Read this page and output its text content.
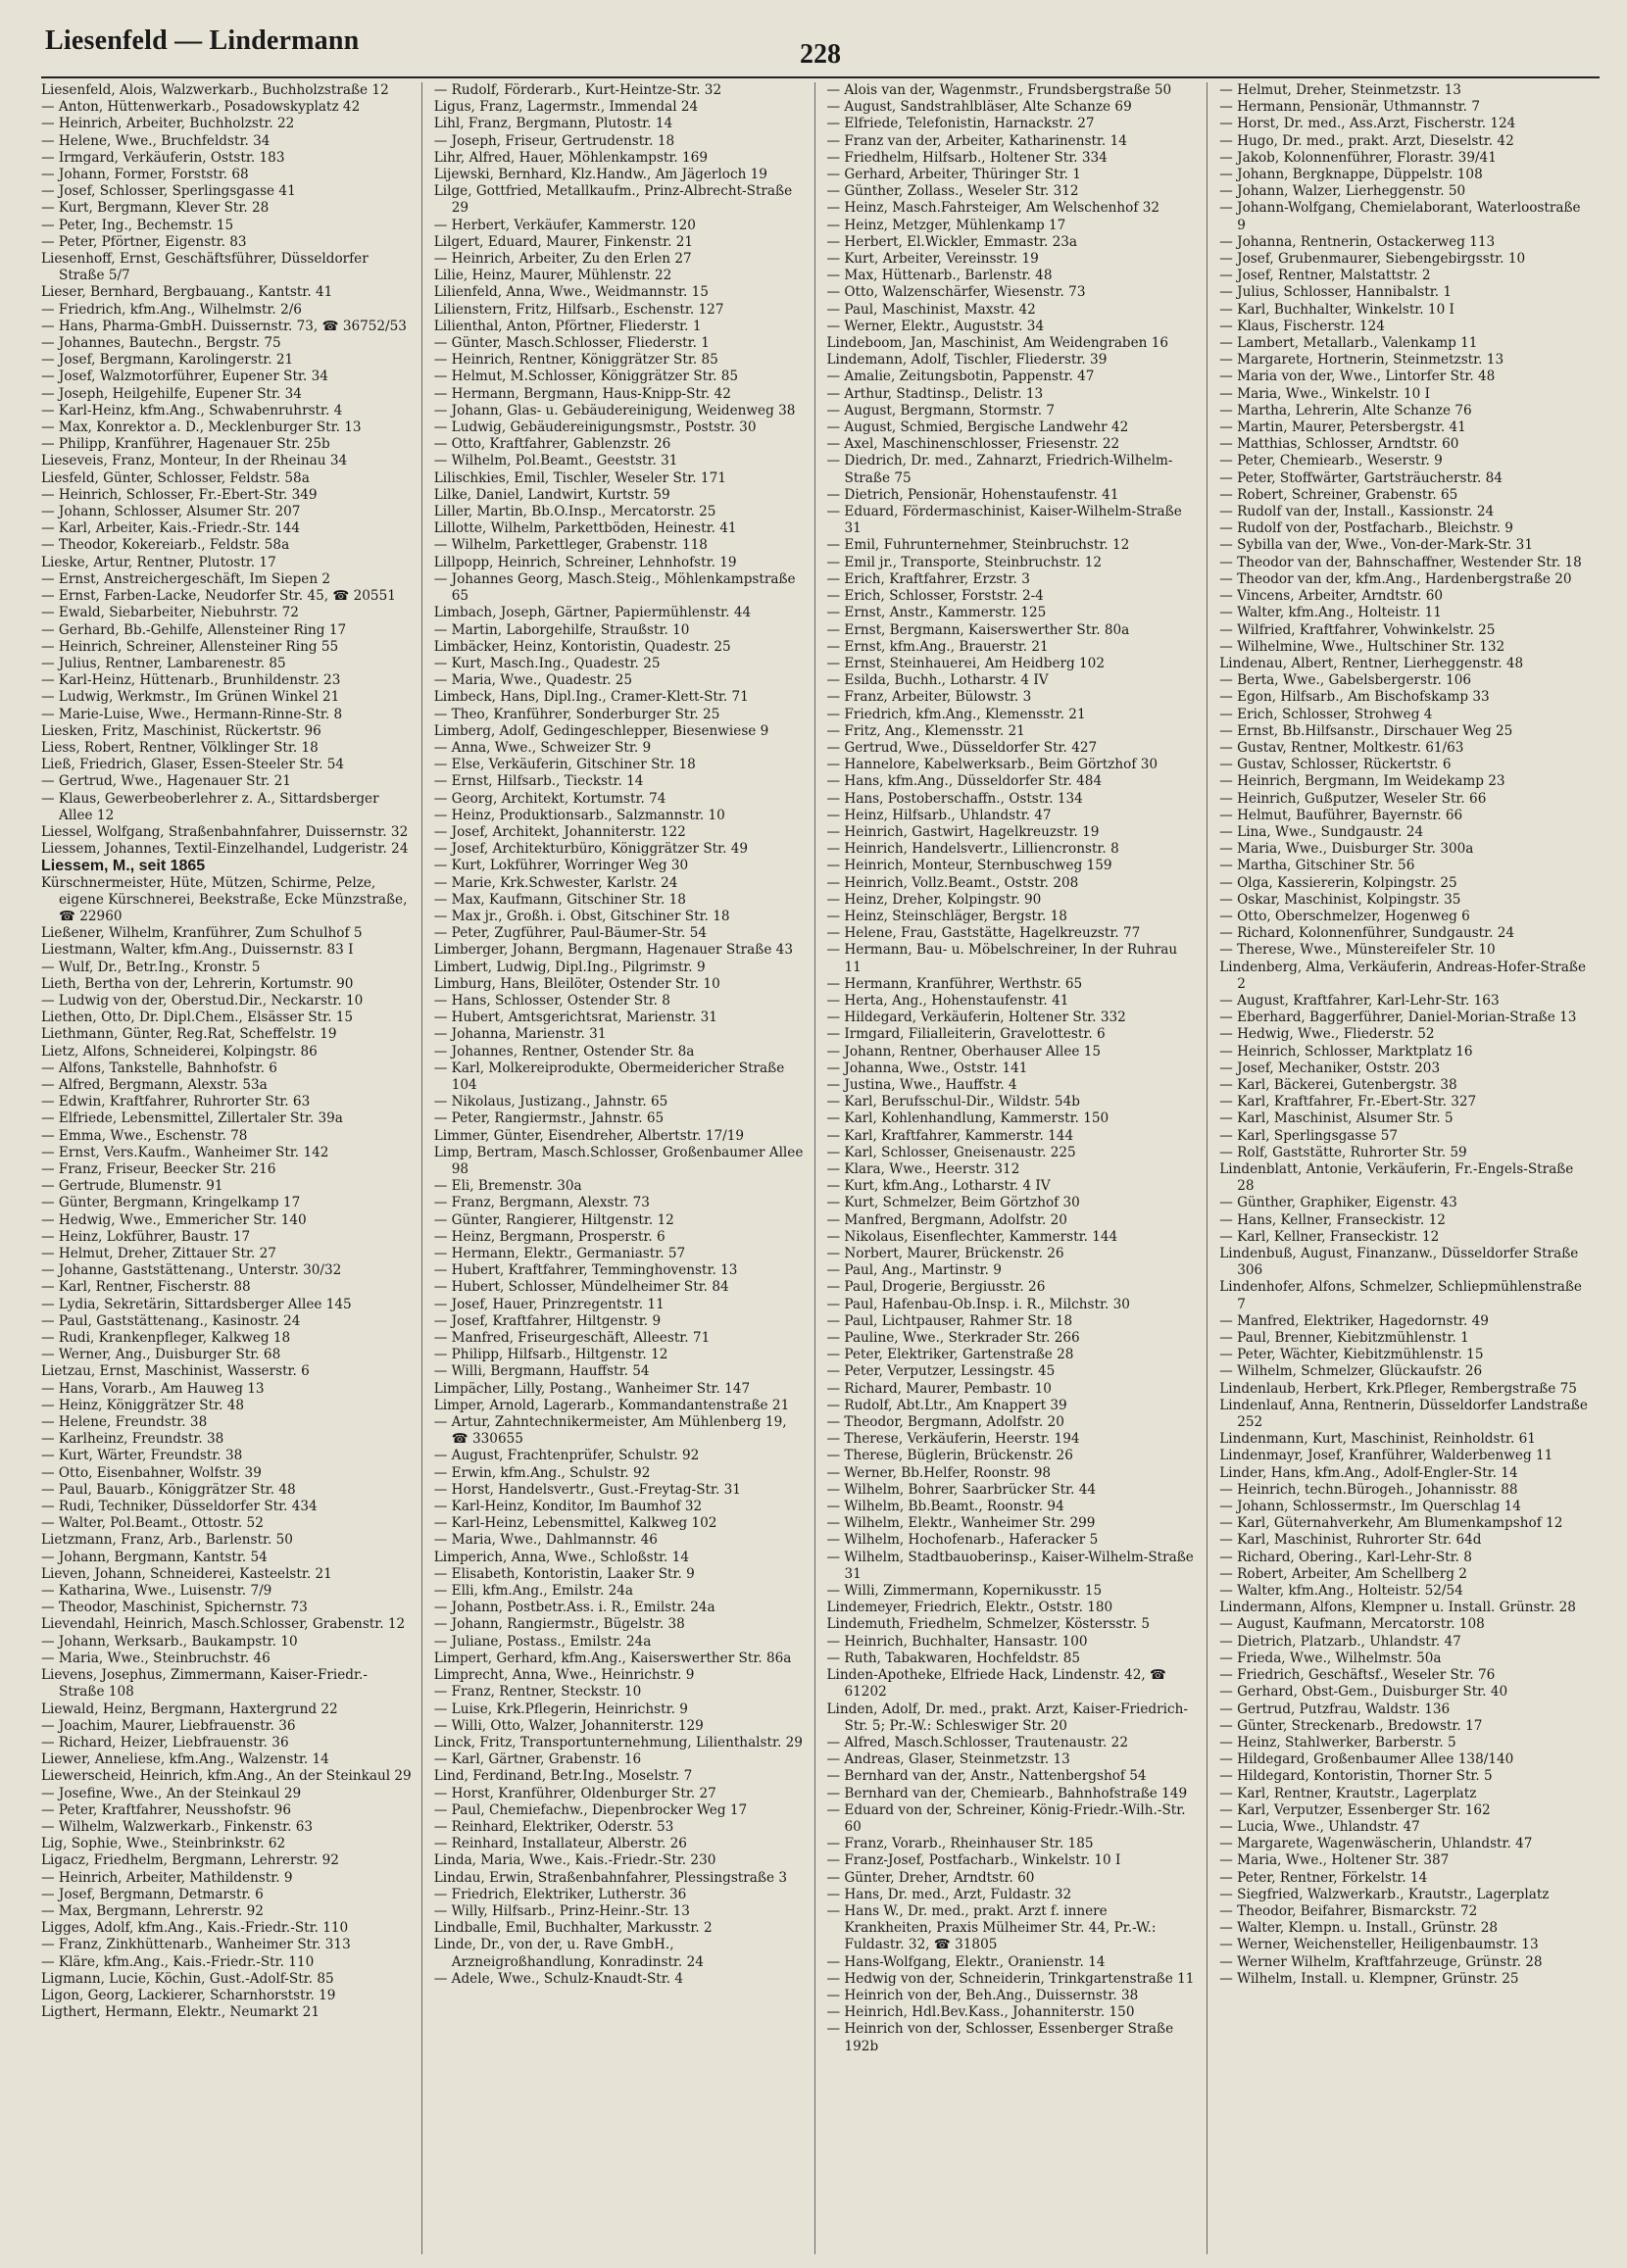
Liesenfeld — Lindermann	228
Liesenfeld, Alois, Walzwerkarb., Buchholzstraße 12
— Anton, Hüttenwerkarb., Posadowskyplatz 42
— Heinrich, Arbeiter, Buchholzstr. 22
— Helene, Wwe., Bruchfeldstr. 34
— Irmgard, Verkäuferin, Oststr. 183
— Johann, Former, Forststr. 68
— Josef, Schlosser, Sperlingsgasse 41
— Kurt, Bergmann, Klever Str. 28
— Peter, Ing., Bechemstr. 15
— Peter, Pförtner, Eigenstr. 83
Liesenhoff, Ernst, Geschäftsführer, Düsseldorfer Straße 5/7
Lieser, Bernhard, Bergbauang., Kantstr. 41
— Friedrich, kfm.Ang., Wilhelmstr. 2/6
— Hans, Pharma-GmbH. Duissernstr. 73, ☎ 36752/53
— Johannes, Bautechn., Bergstr. 75
— Josef, Bergmann, Karolingerstr. 21
— Josef, Walzmotorführer, Eupener Str. 34
— Joseph, Heilgehilfe, Eupener Str. 34
— Karl-Heinz, kfm.Ang., Schwabenruhrstr. 4
— Max, Konrektor a. D., Mecklenburger Str. 13
— Philipp, Kranführer, Hagenauer Str. 25b
Lieseveis, Franz, Monteur, In der Rheinau 34
Liesfeld, Günter, Schlosser, Feldstr. 58a
— Heinrich, Schlosser, Fr.-Ebert-Str. 349
— Johann, Schlosser, Alsumer Str. 207
— Karl, Arbeiter, Kais.-Friedr.-Str. 144
— Theodor, Kokereiarb., Feldstr. 58a
Lieske, Artur, Rentner, Plutostr. 17
— Ernst, Anstreichergeschäft, Im Siepen 2
— Ernst, Farben-Lacke, Neudorfer Str. 45, ☎ 20551
— Ewald, Siebarbeiter, Niebuhrstr. 72
— Gerhard, Bb.-Gehilfe, Allensteiner Ring 17
— Heinrich, Schreiner, Allensteiner Ring 55
— Julius, Rentner, Lambarenestr. 85
— Karl-Heinz, Hüttenarb., Brunhildenstr. 23
— Ludwig, Werkmstr., Im Grünen Winkel 21
— Marie-Luise, Wwe., Hermann-Rinne-Str. 8
Liesken, Fritz, Maschinist, Rückertstr. 96
Liess, Robert, Rentner, Völklinger Str. 18
Ließ, Friedrich, Glaser, Essen-Steeler Str. 54
— Gertrud, Wwe., Hagenauer Str. 21
— Klaus, Gewerbeoberlehrer z. A., Sittardsberger Allee 12
Liessel, Wolfgang, Straßenbahnfahrer, Duissernstr. 32
Liessem, Johannes, Textil-Einzelhandel, Ludgeristr. 24
Liessem, M., seit 1865
Kürschnermeister, Hüte, Mützen, Schirme, Pelze, eigene Kürschnerei, Beekstraße, Ecke Münzstraße, ☎ 22960
Ließener, Wilhelm, Kranführer, Zum Schulhof 5
Liestmann, Walter, kfm.Ang., Duissernstr. 83 I
— Wulf, Dr., Betr.Ing., Kronstr. 5
Lieth, Bertha von der, Lehrerin, Kortumstr. 90
— Ludwig von der, Oberstud.Dir., Neckarstr. 10
Liethen, Otto, Dr. Dipl.Chem., Elsässer Str. 15
Liethmann, Günter, Reg.Rat, Scheffelstr. 19
Lietz, Alfons, Schneiderei, Kolpingstr. 86
— Alfons, Tankstelle, Bahnhofstr. 6
— Alfred, Bergmann, Alexstr. 53a
— Edwin, Kraftfahrer, Ruhrorter Str. 63
— Elfriede, Lebensmittel, Zillertaler Str. 39a
— Emma, Wwe., Eschenstr. 78
— Ernst, Vers.Kaufm., Wanheimer Str. 142
— Franz, Friseur, Beecker Str. 216
— Gertrude, Blumenstr. 91
— Günter, Bergmann, Kringelkamp 17
— Hedwig, Wwe., Emmericher Str. 140
— Heinz, Lokführer, Baustr. 17
— Helmut, Dreher, Zittauer Str. 27
— Johanne, Gaststättenang., Unterstr. 30/32
— Karl, Rentner, Fischerstr. 88
— Lydia, Sekretärin, Sittardsberger Allee 145
— Paul, Gaststättenang., Kasinostr. 24
— Rudi, Krankenpfleger, Kalkweg 18
— Werner, Ang., Duisburger Str. 68
Lietzau, Ernst, Maschinist, Wasserstr. 6
— Hans, Vorarb., Am Hauweg 13
— Heinz, Königgrätzer Str. 48
— Helene, Freundstr. 38
— Karlheinz, Freundstr. 38
— Kurt, Wärter, Freundstr. 38
— Otto, Eisenbahner, Wolfstr. 39
— Paul, Bauarb., Königgrätzer Str. 48
— Rudi, Techniker, Düsseldorfer Str. 434
— Walter, Pol.Beamt., Ottostr. 52
Lietzmann, Franz, Arb., Barlenstr. 50
— Johann, Bergmann, Kantstr. 54
Lieven, Johann, Schneiderei, Kasteelstr. 21
— Katharina, Wwe., Luisenstr. 7/9
— Theodor, Maschinist, Spichernstr. 73
Lievendahl, Heinrich, Masch.Schlosser, Grabenstr. 12
— Johann, Werksarb., Baukampstr. 10
— Maria, Wwe., Steinbruchstr. 46
Lievens, Josephus, Zimmermann, Kaiser-Friedr.-Straße 108
Liewald, Heinz, Bergmann, Haxtergrund 22
— Joachim, Maurer, Liebfrauenstr. 36
— Richard, Heizer, Liebfrauenstr. 36
Liewer, Anneliese, kfm.Ang., Walzenstr. 14
Liewerscheid, Heinrich, kfm.Ang., An der Steinkaul 29
— Josefine, Wwe., An der Steinkaul 29
— Peter, Kraftfahrer, Neusshofstr. 96
— Wilhelm, Walzwerkarb., Finkenstr. 63
Lig, Sophie, Wwe., Steinbrinkstr. 62
Ligacz, Friedhelm, Bergmann, Lehrerstr. 92
— Heinrich, Arbeiter, Mathildenstr. 9
— Josef, Bergmann, Detmarstr. 6
— Max, Bergmann, Lehrerstr. 92
Ligges, Adolf, kfm.Ang., Kais.-Friedr.-Str. 110
— Franz, Zinkhüttenarb., Wanheimer Str. 313
— Kläre, kfm.Ang., Kais.-Friedr.-Str. 110
Ligmann, Lucie, Köchin, Gust.-Adolf-Str. 85
Ligon, Georg, Lackierer, Scharnhorststr. 19
Ligthert, Hermann, Elektr., Neumarkt 21
— Rudolf, Förderarb., Kurt-Heintze-Str. 32
Ligus, Franz, Lagermstr., Immendal 24
Lihl, Franz, Bergmann, Plutostr. 14
— Joseph, Friseur, Gertrudenstr. 18
Lihr, Alfred, Hauer, Möhlenkampstr. 169
Lijewski, Bernhard, Klz.Handw., Am Jägerloch 19
Lilge, Gottfried, Metallkaufm., Prinz-Albrecht-Straße 29
— Herbert, Verkäufer, Kammerstr. 120
Lilgert, Eduard, Maurer, Finkenstr. 21
— Heinrich, Arbeiter, Zu den Erlen 27
Lilie, Heinz, Maurer, Mühlenstr. 22
Lilienfeld, Anna, Wwe., Weidmannstr. 15
Lilienstern, Fritz, Hilfsarb., Eschenstr. 127
Lilienthal, Anton, Pförtner, Fliederstr. 1
— Günter, Masch.Schlosser, Fliederstr. 1
— Heinrich, Rentner, Königgrätzer Str. 85
— Helmut, M.Schlosser, Königgrätzer Str. 85
— Hermann, Bergmann, Haus-Knipp-Str. 42
— Johann, Glas- u. Gebäudereinigung, Weidenweg 38
— Ludwig, Gebäudereinigungsmstr., Poststr. 30
— Otto, Kraftfahrer, Gablenzstr. 26
— Wilhelm, Pol.Beamt., Geeststr. 31
Lilischkies, Emil, Tischler, Weseler Str. 171
Lilke, Daniel, Landwirt, Kurtstr. 59
Liller, Martin, Bb.O.Insp., Mercatorstr. 25
Lillotte, Wilhelm, Parkettböden, Heinestr. 41
— Wilhelm, Parkettleger, Grabenstr. 118
Lillpopp, Heinrich, Schreiner, Lehnhofstr. 19
— Johannes Georg, Masch.Steig., Möhlenkampstraße 65
Limbach, Joseph, Gärtner, Papiermühlenstr. 44
— Martin, Laborgehilfe, Straußstr. 10
Limbäcker, Heinz, Kontoristin, Quadestr. 25
— Kurt, Masch.Ing., Quadestr. 25
— Maria, Wwe., Quadestr. 25
Limbeck, Hans, Dipl.Ing., Cramer-Klett-Str. 71
— Theo, Kranführer, Sonderburger Str. 25
Limberg, Adolf, Gedingeschlepper, Biesenwiese 9
— Anna, Wwe., Schweizer Str. 9
— Else, Verkäuferin, Gitschiner Str. 18
— Ernst, Hilfsarb., Tieckstr. 14
— Georg, Architekt, Kortumstr. 74
— Heinz, Produktionsarb., Salzmannstr. 10
— Josef, Architekt, Johanniterstr. 122
— Josef, Architekturbüro, Königgrätzer Str. 49
— Kurt, Lokführer, Worringer Weg 30
— Marie, Krk.Schwester, Karlstr. 24
— Max, Kaufmann, Gitschiner Str. 18
— Max jr., Großh. i. Obst, Gitschiner Str. 18
— Peter, Zugführer, Paul-Bäumer-Str. 54
Limberger, Johann, Bergmann, Hagenauer Straße 43
Limbert, Ludwig, Dipl.Ing., Pilgrimstr. 9
Limburg, Hans, Bleilöter, Ostender Str. 10
— Hans, Schlosser, Ostender Str. 8
— Hubert, Amtsgerichtsrat, Marienstr. 31
— Johanna, Marienstr. 31
— Johannes, Rentner, Ostender Str. 8a
— Karl, Molkereiprodukte, Obermeidericher Straße 104
— Nikolaus, Justizang., Jahnstr. 65
— Peter, Rangiermstr., Jahnstr. 65
Limmer, Günter, Eisendreher, Albertstr. 17/19
Limp, Bertram, Masch.Schlosser, Großenbaumer Allee 98
— Eli, Bremenstr. 30a
— Franz, Bergmann, Alexstr. 73
— Günter, Rangierer, Hiltgenstr. 12
— Heinz, Bergmann, Prosperstr. 6
— Hermann, Elektr., Germaniastr. 57
— Hubert, Kraftfahrer, Temminghovenstr. 13
— Hubert, Schlosser, Mündelheimer Str. 84
— Josef, Hauer, Prinzregentstr. 11
— Josef, Kraftfahrer, Hiltgenstr. 9
— Manfred, Friseurgeschäft, Alleestr. 71
— Philipp, Hilfsarb., Hiltgenstr. 12
— Willi, Bergmann, Hauffstr. 54
Limpächer, Lilly, Postang., Wanheimer Str. 147
Limper, Arnold, Lagerarb., Kommandantenstraße 21
— Artur, Zahntechnikermeister, Am Mühlenberg 19, ☎ 330655
— August, Frachtenprüfer, Schulstr. 92
— Erwin, kfm.Ang., Schulstr. 92
— Horst, Handelsvertr., Gust.-Freytag-Str. 31
— Karl-Heinz, Konditor, Im Baumhof 32
— Karl-Heinz, Lebensmittel, Kalkweg 102
— Maria, Wwe., Dahlmannstr. 46
Limperich, Anna, Wwe., Schloßstr. 14
— Elisabeth, Kontoristin, Laaker Str. 9
— Elli, kfm.Ang., Emilstr. 24a
— Johann, Postbetr.Ass. i. R., Emilstr. 24a
— Johann, Rangiermstr., Bügelstr. 38
— Juliane, Postass., Emilstr. 24a
Limpert, Gerhard, kfm.Ang., Kaiserswerther Str. 86a
Limprecht, Anna, Wwe., Heinrichstr. 9
— Franz, Rentner, Steckstr. 10
— Luise, Krk.Pflegerin, Heinrichstr. 9
— Willi, Otto, Walzer, Johanniterstr. 129
Linck, Fritz, Transportunternehmung, Lilienthalstr. 29
— Karl, Gärtner, Grabenstr. 16
Lind, Ferdinand, Betr.Ing., Moselstr. 7
— Horst, Kranführer, Oldenburger Str. 27
— Paul, Chemiefachw., Diepenbrocker Weg 17
— Reinhard, Elektriker, Oderstr. 53
— Reinhard, Installateur, Alberstr. 26
Linda, Maria, Wwe., Kais.-Friedr.-Str. 230
Lindau, Erwin, Straßenbahnfahrer, Plessingstraße 3
— Friedrich, Elektriker, Lutherstr. 36
— Willy, Hilfsarb., Prinz-Heinr.-Str. 13
Lindballe, Emil, Buchhalter, Markusstr. 2
Linde, Dr., von der, u. Rave GmbH., Arzneigroßhandlung, Konradinstr. 24
— Adele, Wwe., Schulz-Knaudt-Str. 4
— Alois van der, Wagenmstr., Frundsbergstraße 50
— August, Sandstrahlbläser, Alte Schanze 69
— Elfriede, Telefonistin, Harnackstr. 27
— Franz van der, Arbeiter, Katharinenstr. 14
— Friedhelm, Hilfsarb., Holtener Str. 334
— Gerhard, Arbeiter, Thüringer Str. 1
— Günther, Zollass., Weseler Str. 312
— Heinz, Masch.Fahrsteiger, Am Welschenhof 32
— Heinz, Metzger, Mühlenkamp 17
— Herbert, El.Wickler, Emmastr. 23a
— Kurt, Arbeiter, Vereinsstr. 19
— Max, Hüttenarb., Barlenstr. 48
— Otto, Walzenschärfer, Wiesenstr. 73
— Paul, Maschinist, Maxstr. 42
— Werner, Elektr., Auguststr. 34
Lindeboom, Jan, Maschinist, Am Weidengraben 16
Lindemann, Adolf, Tischler, Fliederstr. 39
— Amalie, Zeitungsbotin, Pappenstr. 47
— Arthur, Stadtinsp., Delistr. 13
— August, Bergmann, Stormstr. 7
— August, Schmied, Bergische Landwehr 42
— Axel, Maschinenschlosser, Friesenstr. 22
— Diedrich, Dr. med., Zahnarzt, Friedrich-Wilhelm-Straße 75
— Dietrich, Pensionär, Hohenstaufenstr. 41
— Eduard, Fördermaschinist, Kaiser-Wilhelm-Straße 31
— Emil, Fuhrunternehmer, Steinbruchstr. 12
— Emil jr., Transporte, Steinbruchstr. 12
— Erich, Kraftfahrer, Erzstr. 3
— Erich, Schlosser, Forststr. 2-4
— Ernst, Anstr., Kammerstr. 125
— Ernst, Bergmann, Kaiserswerther Str. 80a
— Ernst, kfm.Ang., Brauerstr. 21
— Ernst, Steinhauerei, Am Heidberg 102
— Esilda, Buchh., Lotharstr. 4 IV
— Franz, Arbeiter, Bülowstr. 3
— Friedrich, kfm.Ang., Klemensstr. 21
— Fritz, Ang., Klemensstr. 21
— Gertrud, Wwe., Düsseldorfer Str. 427
— Hannelore, Kabelwerksarb., Beim Görtzhof 30
— Hans, kfm.Ang., Düsseldorfer Str. 484
— Hans, Postoberschaffn., Oststr. 134
— Heinz, Hilfsarb., Uhlandstr. 47
— Heinrich, Gastwirt, Hagelkreuzstr. 19
— Heinrich, Handelsvertr., Lilliencronstr. 8
— Heinrich, Monteur, Sternbuschweg 159
— Heinrich, Vollz.Beamt., Oststr. 208
— Heinz, Dreher, Kolpingstr. 90
— Heinz, Steinschläger, Bergstr. 18
— Helene, Frau, Gaststätte, Hagelkreuzstr. 77
— Hermann, Bau- u. Möbelschreiner, In der Ruhrau 11
— Hermann, Kranführer, Werthstr. 65
— Herta, Ang., Hohenstaufenstr. 41
— Hildegard, Verkäuferin, Holtener Str. 332
— Irmgard, Filialleiterin, Gravelottestr. 6
— Johann, Rentner, Oberhauser Allee 15
— Johanna, Wwe., Oststr. 141
— Justina, Wwe., Hauffstr. 4
— Karl, Berufsschul-Dir., Wildstr. 54b
— Karl, Kohlenhandlung, Kammerstr. 150
— Karl, Kraftfahrer, Kammerstr. 144
— Karl, Schlosser, Gneisenaustr. 225
— Klara, Wwe., Heerstr. 312
— Kurt, kfm.Ang., Lotharstr. 4 IV
— Kurt, Schmelzer, Beim Görtzhof 30
— Manfred, Bergmann, Adolfstr. 20
— Nikolaus, Eisenflechter, Kammerstr. 144
— Norbert, Maurer, Brückenstr. 26
— Paul, Ang., Martinstr. 9
— Paul, Drogerie, Bergiusstr. 26
— Paul, Hafenbau-Ob.Insp. i. R., Milchstr. 30
— Paul, Lichtpauser, Rahmer Str. 18
— Pauline, Wwe., Sterkrader Str. 266
— Peter, Elektriker, Gartenstraße 28
— Peter, Verputzer, Lessingstr. 45
— Richard, Maurer, Pembastr. 10
— Rudolf, Abt.Ltr., Am Knappert 39
— Theodor, Bergmann, Adolfstr. 20
— Therese, Verkäuferin, Heerstr. 194
— Therese, Büglerin, Brückenstr. 26
— Werner, Bb.Helfer, Roonstr. 98
— Wilhelm, Bohrer, Saarbrücker Str. 44
— Wilhelm, Bb.Beamt., Roonstr. 94
— Wilhelm, Elektr., Wanheimer Str. 299
— Wilhelm, Hochofenarb., Haferacker 5
— Wilhelm, Stadtbauoberinsp., Kaiser-Wilhelm-Straße 31
— Willi, Zimmermann, Kopernikusstr. 15
Lindemeyer, Friedrich, Elektr., Oststr. 180
Lindemuth, Friedhelm, Schmelzer, Köstersstr. 5
— Heinrich, Buchhalter, Hansastr. 100
— Ruth, Tabakwaren, Hochfeldstr. 85
Linden-Apotheke, Elfriede Hack, Lindenstr. 42, ☎ 61202
Linden, Adolf, Dr. med., prakt. Arzt, Kaiser-Friedrich-Str. 5; Pr.-W.: Schleswiger Str. 20
— Alfred, Masch.Schlosser, Trautenaustr. 22
— Andreas, Glaser, Steinmetzstr. 13
— Bernhard van der, Anstr., Nattenbergshof 54
— Bernhard van der, Chemiearb., Bahnhofstraße 149
— Eduard von der, Schreiner, König-Friedr.-Wilh.-Str. 60
— Franz, Vorarb., Rheinhauser Str. 185
— Franz-Josef, Postfacharb., Winkelstr. 10 I
— Günter, Dreher, Arndtstr. 60
— Hans, Dr. med., Arzt, Fuldastr. 32
— Hans W., Dr. med., prakt. Arzt f. innere Krankheiten, Praxis Mülheimer Str. 44, Pr.-W.: Fuldastr. 32, ☎ 31805
— Hans-Wolfgang, Elektr., Oranienstr. 14
— Hedwig von der, Schneiderin, Trinkgartenstraße 11
— Heinrich von der, Beh.Ang., Duissernstr. 38
— Heinrich, Hdl.Bev.Kass., Johanniterstr. 150
— Heinrich von der, Schlosser, Essenberger Straße 192b
— Helmut, Dreher, Steinmetzstr. 13
— Hermann, Pensionär, Uthmannstr. 7
— Horst, Dr. med., Ass.Arzt, Fischerstr. 124
— Hugo, Dr. med., prakt. Arzt, Dieselstr. 42
— Jakob, Kolonnenführer, Florastr. 39/41
— Johann, Bergknappe, Düppelstr. 108
— Johann, Walzer, Lierheggenstr. 50
— Johann-Wolfgang, Chemielaborant, Waterloostraße 9
— Johanna, Rentnerin, Ostackerweg 113
— Josef, Grubenmaurer, Siebengebirgsstr. 10
— Josef, Rentner, Malstattstr. 2
— Julius, Schlosser, Hannibalstr. 1
— Karl, Buchhalter, Winkelstr. 10 I
— Klaus, Fischerstr. 124
— Lambert, Metallarb., Valenkamp 11
— Margarete, Hortnerin, Steinmetzstr. 13
— Maria von der, Wwe., Lintorfer Str. 48
— Maria, Wwe., Winkelstr. 10 I
— Martha, Lehrerin, Alte Schanze 76
— Martin, Maurer, Petersbergstr. 41
— Matthias, Schlosser, Arndtstr. 60
— Peter, Chemiearb., Weserstr. 9
— Peter, Stoffwärter, Gartsträucherstr. 84
— Robert, Schreiner, Grabenstr. 65
— Rudolf van der, Install., Kassionstr. 24
— Rudolf von der, Postfacharb., Bleichstr. 9
— Sybilla van der, Wwe., Von-der-Mark-Str. 31
— Theodor van der, Bahnschaffner, Westender Str. 18
— Theodor van der, kfm.Ang., Hardenbergstraße 20
— Vincens, Arbeiter, Arndtstr. 60
— Walter, kfm.Ang., Holteistr. 11
— Wilfried, Kraftfahrer, Vohwinkelstr. 25
— Wilhelmine, Wwe., Hultschiner Str. 132
Lindenau, Albert, Rentner, Lierheggenstr. 48
— Berta, Wwe., Gabelsbergerstr. 106
— Egon, Hilfsarb., Am Bischofskamp 33
— Erich, Schlosser, Strohweg 4
— Ernst, Bb.Hilfsanstr., Dirschauer Weg 25
— Gustav, Rentner, Moltkestr. 61/63
— Gustav, Schlosser, Rückertstr. 6
— Heinrich, Bergmann, Im Weidekamp 23
— Heinrich, Gußputzer, Weseler Str. 66
— Helmut, Bauführer, Bayernstr. 66
— Lina, Wwe., Sundgaustr. 24
— Maria, Wwe., Duisburger Str. 300a
— Martha, Gitschiner Str. 56
— Olga, Kassiererin, Kolpingstr. 25
— Oskar, Maschinist, Kolpingstr. 35
— Otto, Oberschmelzer, Hogenweg 6
— Richard, Kolonnenführer, Sundgaustr. 24
— Therese, Wwe., Münstereifeler Str. 10
Lindenberg, Alma, Verkäuferin, Andreas-Hofer-Straße 2
— August, Kraftfahrer, Karl-Lehr-Str. 163
— Eberhard, Baggerführer, Daniel-Morian-Straße 13
— Hedwig, Wwe., Fliederstr. 52
— Heinrich, Schlosser, Marktplatz 16
— Josef, Mechaniker, Oststr. 203
— Karl, Bäckerei, Gutenbergstr. 38
— Karl, Kraftfahrer, Fr.-Ebert-Str. 327
— Karl, Maschinist, Alsumer Str. 5
— Karl, Sperlingsgasse 57
— Rolf, Gaststätte, Ruhrorter Str. 59
Lindenblatt, Antonie, Verkäuferin, Fr.-Engels-Straße 28
— Günther, Graphiker, Eigenstr. 43
— Hans, Kellner, Franseckistr. 12
— Karl, Kellner, Franseckistr. 12
Lindenbuß, August, Finanzanw., Düsseldorfer Straße 306
Lindenhofer, Alfons, Schmelzer, Schliepmühlenstraße 7
— Manfred, Elektriker, Hagedornstr. 49
— Paul, Brenner, Kiebitzmühlenstr. 1
— Peter, Wächter, Kiebitzmühlenstr. 15
— Wilhelm, Schmelzer, Glückaufstr. 26
Lindenlaub, Herbert, Krk.Pfleger, Rembergstraße 75
Lindenlauf, Anna, Rentnerin, Düsseldorfer Landstraße 252
Lindenmann, Kurt, Maschinist, Reinholdstr. 61
Lindenmayr, Josef, Kranführer, Walderbenweg 11
Linder, Hans, kfm.Ang., Adolf-Engler-Str. 14
— Heinrich, techn.Bürogeh., Johannisstr. 88
— Johann, Schlossermstr., Im Querschlag 14
— Karl, Güternahverkehr, Am Blumenkampshof 12
— Karl, Maschinist, Ruhrorter Str. 64d
— Richard, Obering., Karl-Lehr-Str. 8
— Robert, Arbeiter, Am Schellberg 2
— Walter, kfm.Ang., Holteistr. 52/54
Lindermann, Alfons, Klempner u. Install. Grünstr. 28
— August, Kaufmann, Mercatorstr. 108
— Dietrich, Platzarb., Uhlandstr. 47
— Frieda, Wwe., Wilhelmstr. 50a
— Friedrich, Geschäftsf., Weseler Str. 76
— Gerhard, Obst-Gem., Duisburger Str. 40
— Gertrud, Putzfrau, Waldstr. 136
— Günter, Streckenarb., Bredowstr. 17
— Heinz, Stahlwerker, Barberstr. 5
— Hildegard, Großenbaumer Allee 138/140
— Hildegard, Kontoristin, Thorner Str. 5
— Karl, Rentner, Krautstr., Lagerplatz
— Karl, Verputzer, Essenberger Str. 162
— Lucia, Wwe., Uhlandstr. 47
— Margarete, Wagenwäscherin, Uhlandstr. 47
— Maria, Wwe., Holtener Str. 387
— Peter, Rentner, Förkelstr. 14
— Siegfried, Walzwerkarb., Krautstr., Lagerplatz
— Theodor, Beifahrer, Bismarckstr. 72
— Walter, Klempn. u. Install., Grünstr. 28
— Werner, Weichensteller, Heiligenbaumstr. 13
— Werner Wilhelm, Kraftfahrzeuge, Grünstr. 28
— Wilhelm, Install. u. Klempner, Grünstr. 25
